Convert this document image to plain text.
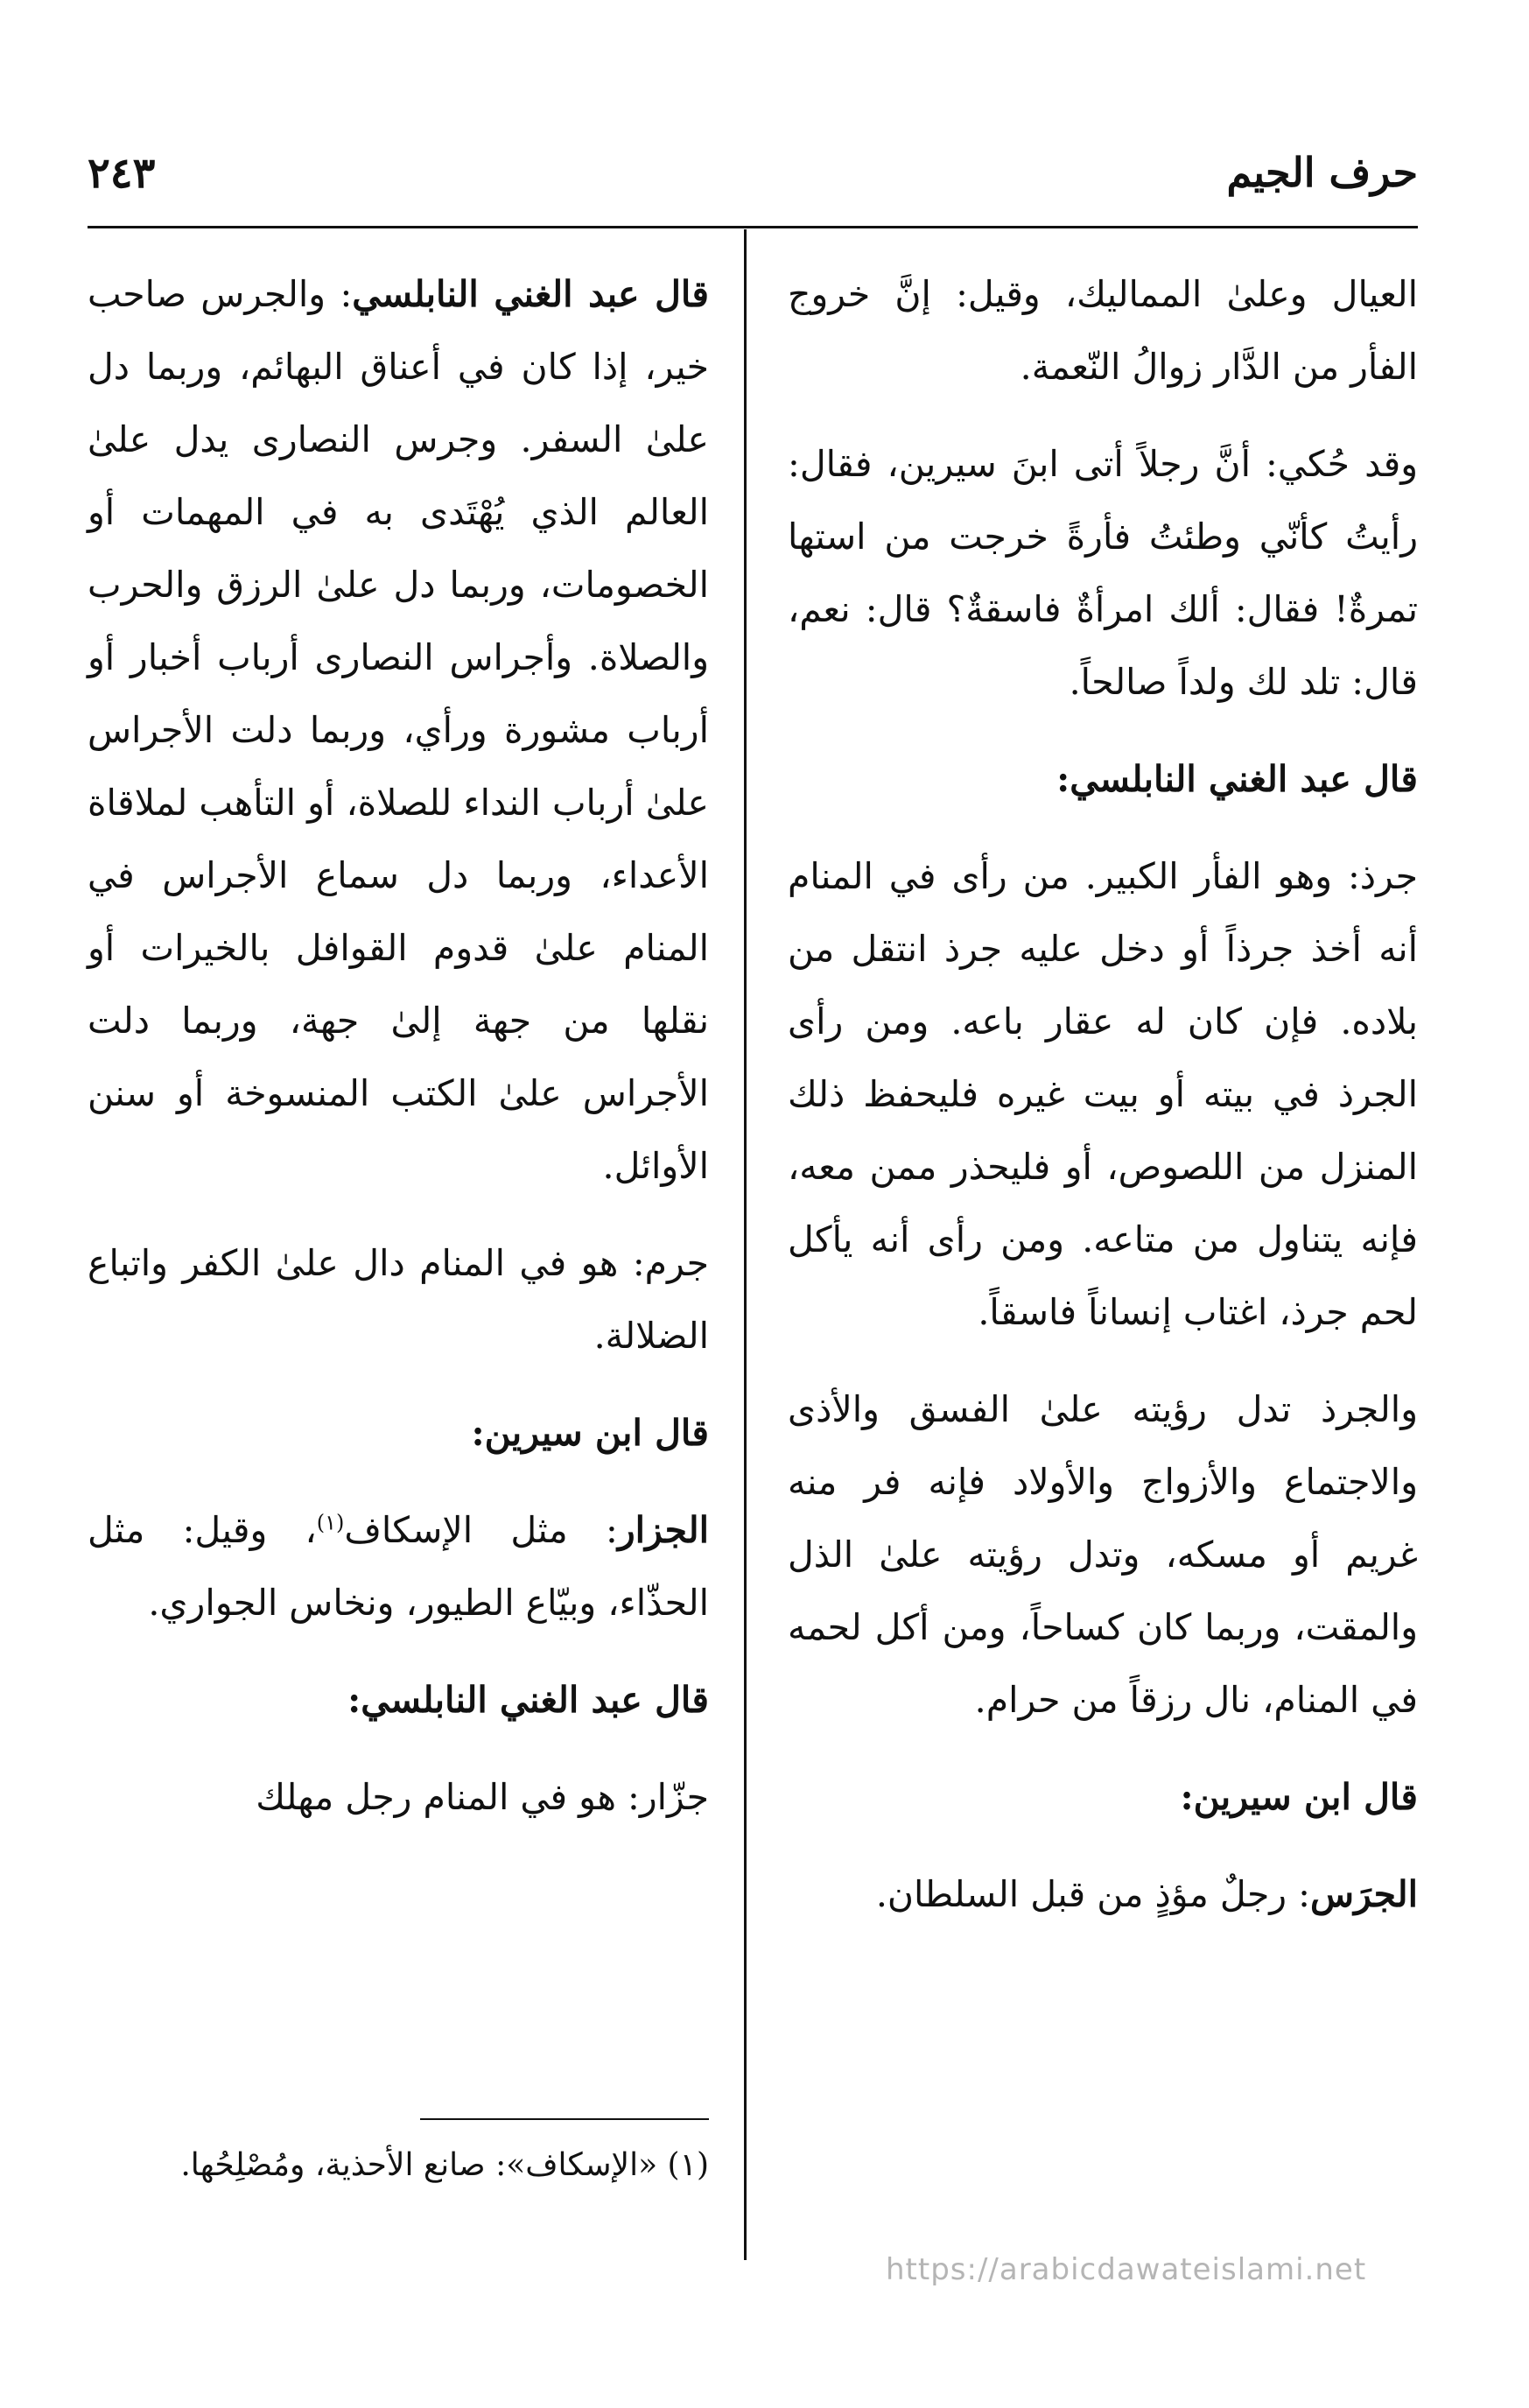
حرف الجيم
٢٤٣

العيال وعلىٰ المماليك، وقيل: إنَّ خروج الفأر من الدَّار زوالُ النّعمة.

وقد حُكي: أنَّ رجلاً أتى ابنَ سيرين، فقال: رأيتُ كأنّي وطئتُ فأرةً خرجت من استها تمرةٌ! فقال: ألك امرأةٌ فاسقةٌ؟ قال: نعم، قال: تلد لك ولداً صالحاً.

قال عبد الغني النابلسي:

جرذ: وهو الفأر الكبير. من رأى في المنام أنه أخذ جرذاً أو دخل عليه جرذ انتقل من بلاده. فإن كان له عقار باعه. ومن رأى الجرذ في بيته أو بيت غيره فليحفظ ذلك المنزل من اللصوص، أو فليحذر ممن معه، فإنه يتناول من متاعه. ومن رأى أنه يأكل لحم جرذ، اغتاب إنساناً فاسقاً.

والجرذ تدل رؤيته علىٰ الفسق والأذى والاجتماع والأزواج والأولاد فإنه فر منه غريم أو مسكه، وتدل رؤيته علىٰ الذل والمقت، وربما كان كساحاً، ومن أكل لحمه في المنام، نال رزقاً من حرام.

قال ابن سيرين:

الجرَس: رجلٌ مؤذٍ من قبل السلطان.

قال عبد الغني النابلسي: والجرس صاحب خير، إذا كان في أعناق البهائم، وربما دل علىٰ السفر. وجرس النصارى يدل علىٰ العالم الذي يُهْتَدى به في المهمات أو الخصومات، وربما دل علىٰ الرزق والحرب والصلاة. وأجراس النصارى أرباب أخبار أو أرباب مشورة ورأي، وربما دلت الأجراس علىٰ أرباب النداء للصلاة، أو التأهب لملاقاة الأعداء، وربما دل سماع الأجراس في المنام علىٰ قدوم القوافل بالخيرات أو نقلها من جهة إلىٰ جهة، وربما دلت الأجراس علىٰ الكتب المنسوخة أو سنن الأوائل.

جرم: هو في المنام دال علىٰ الكفر واتباع الضلالة.

قال ابن سيرين:

الجزار: مثل الإسكاف$^{(١)}$، وقيل: مثل الحذّاء، وبيّاع الطيور، ونخاس الجواري.

قال عبد الغني النابلسي:

جزّار: هو في المنام رجل مهلك

(١) «الإسكاف»: صانع الأحذية، ومُصْلِحُها.
https://arabicdawateislami.net
